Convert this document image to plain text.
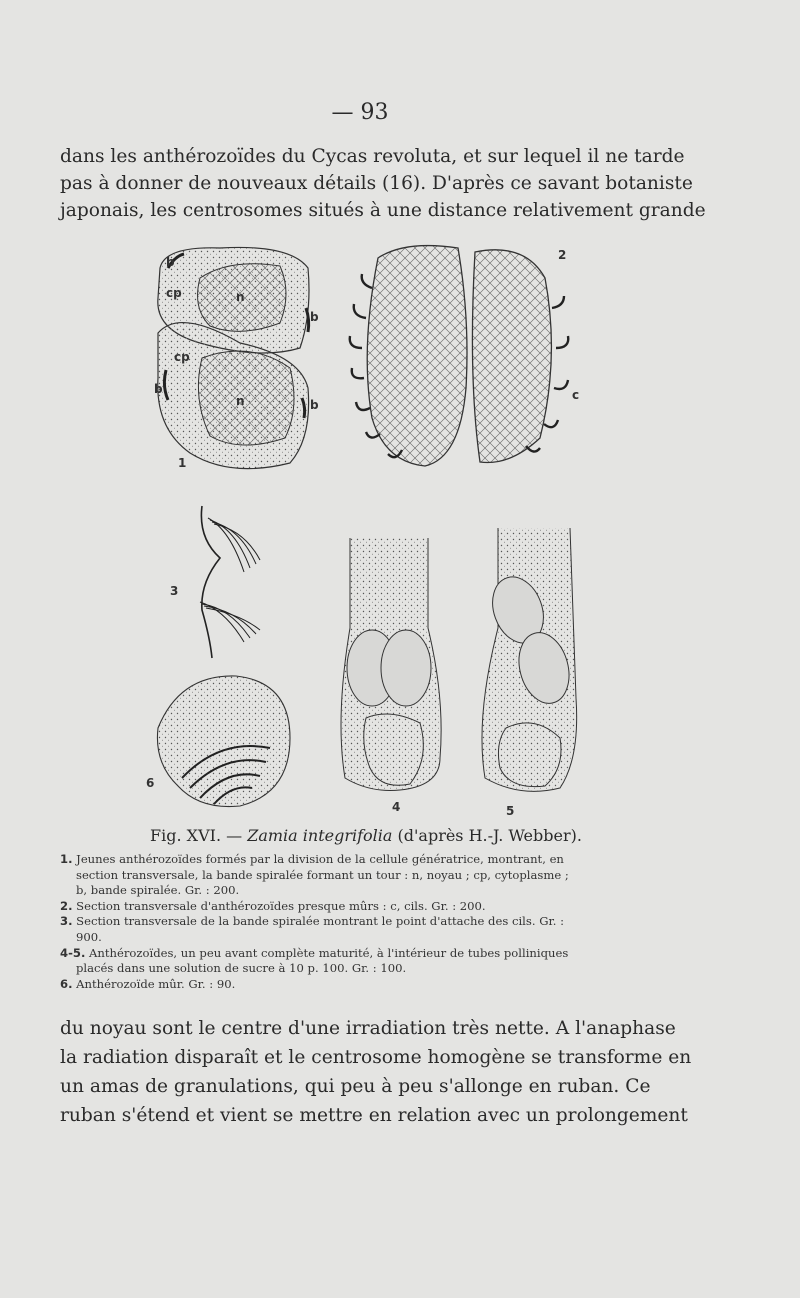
— 93
dans les anthérozoïdes du Cycas revoluta, et sur lequel il ne tarde
pas à donner de nouveaux détails (16). D'après ce savant botaniste
japonais, les centrosomes situés à une distance relativement grande
b
cp	n
b
cp
b
n	b
1
2
c
3
4	5
6
Fig. XVI. — Zamia integrifolia (d'après H.-J. Webber).
1. Jeunes anthérozoïdes formés par la division de la cellule génératrice, montrant, en
section transversale, la bande spiralée formant un tour : n, noyau ; cp, cytoplasme ;
b, bande spiralée. Gr. : 200.
2. Section transversale d'anthérozoïdes presque mûrs : c, cils. Gr. : 200.
3. Section transversale de la bande spiralée montrant le point d'attache des cils. Gr. :
900.
4-5. Anthérozoïdes, un peu avant complète maturité, à l'intérieur de tubes polliniques
placés dans une solution de sucre à 10 p. 100. Gr. : 100.
6. Anthérozoïde mûr. Gr. : 90.
du noyau sont le centre d'une irradiation très nette. A l'anaphase
la radiation disparaît et le centrosome homogène se transforme en
un amas de granulations, qui peu à peu s'allonge en ruban. Ce
ruban s'étend et vient se mettre en relation avec un prolongement
